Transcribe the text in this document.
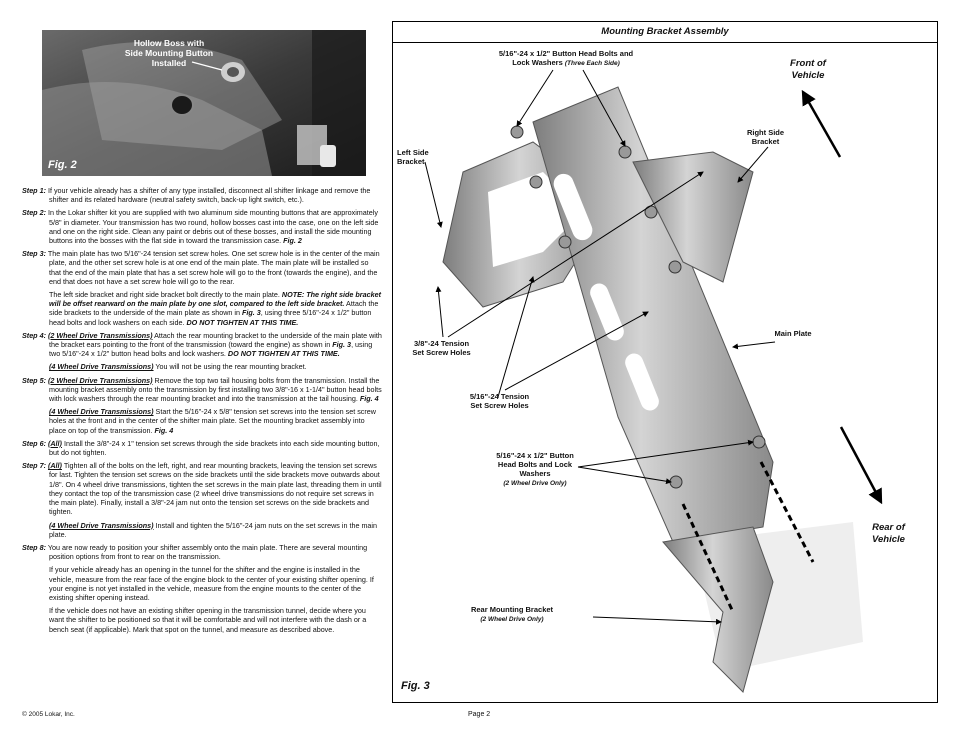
Hollow Boss with Side Mounting Button Installed
Fig. 2

Step 1: If your vehicle already has a shifter of any type installed, disconnect all shifter linkage and remove the shifter and its related hardware (neutral safety switch, back-up light switch, etc.).

Step 2: In the Lokar shifter kit you are supplied with two aluminum side mounting buttons that are approximately 5/8" in diameter. Your transmission has two round, hollow bosses cast into the case, one on the left side and one on the right side. Clean any paint or debris out of these bosses, and install the side mounting buttons into the bosses with the flat side in toward the transmission case. Fig. 2

Step 3: The main plate has two 5/16"-24 tension set screw holes. One set screw hole is in the center of the main plate, and the other set screw hole is at one end of the main plate. The main plate will be installed so that the end of the main plate that has a set screw hole will go to the front (towards the engine), and the end that does not have a set screw hole will go to the rear.

The left side bracket and right side bracket bolt directly to the main plate. NOTE: The right side bracket will be offset rearward on the main plate by one slot, compared to the left side bracket. Attach the side brackets to the underside of the main plate as shown in Fig. 3, using three 5/16"-24 x 1/2" button head bolts and lock washers on each side. DO NOT TIGHTEN AT THIS TIME.

Step 4: (2 Wheel Drive Transmissions) Attach the rear mounting bracket to the underside of the main plate with the bracket ears pointing to the front of the transmission (toward the engine) as shown in Fig. 3, using two 5/16"-24 x 1/2" button head bolts and lock washers. DO NOT TIGHTEN AT THIS TIME.

(4 Wheel Drive Transmissions) You will not be using the rear mounting bracket.

Step 5: (2 Wheel Drive Transmissions) Remove the top two tail housing bolts from the transmission. Install the mounting bracket assembly onto the transmission by first installing two 3/8"-16 x 1-1/4" button head bolts with lock washers through the rear mounting bracket and into the transmission at the tail housing. Fig. 4

(4 Wheel Drive Transmissions) Start the 5/16"-24 x 5/8" tension set screws into the tension set screw holes at the front and in the center of the shifter main plate. Set the mounting bracket assembly into place on top of the transmission. Fig. 4

Step 6: (All) Install the 3/8"-24 x 1" tension set screws through the side brackets into each side mounting button, but do not tighten.

Step 7: (All) Tighten all of the bolts on the left, right, and rear mounting brackets, leaving the tension set screws for last. Tighten the tension set screws on the side brackets until the side brackets move outwards about 1/8". On 4 wheel drive transmissions, tighten the set screws in the main plate last, threading them in until they contact the top of the transmission case (2 wheel drive transmissions do not require set screws in the main plate). Finally, install a 3/8"-24 jam nut onto the tension set screws on the side brackets and tighten.

(4 Wheel Drive Transmissions) Install and tighten the 5/16"-24 jam nuts on the set screws in the main plate.

Step 8: You are now ready to position your shifter assembly onto the main plate. There are several mounting position options from front to rear on the transmission.

If your vehicle already has an opening in the tunnel for the shifter and the engine is installed in the vehicle, measure from the rear face of the engine block to the center of your existing shifter opening. If your engine is not yet installed in the vehicle, measure from the engine mounts to the center of the existing shifter opening instead.

If the vehicle does not have an existing shifter opening in the transmission tunnel, decide where you want the shifter to be positioned so that it will be comfortable and will not interfere with the dash or a bench seat (if applicable). Mark that spot on the tunnel, and measure as described above.

© 2005 Lokar, Inc.	Page 2
Mounting Bracket Assembly
5/16"-24 x 1/2" Button Head Bolts and Lock Washers (Three Each Side)
Left Side Bracket
Right Side Bracket
Front of Vehicle
3/8"-24 Tension Set Screw Holes
Main Plate
5/16"-24 Tension Set Screw Holes
5/16"-24 x 1/2" Button Head Bolts and Lock Washers
(2 Wheel Drive Only)
Rear of Vehicle
Rear Mounting Bracket
(2 Wheel Drive Only)
Fig. 3
